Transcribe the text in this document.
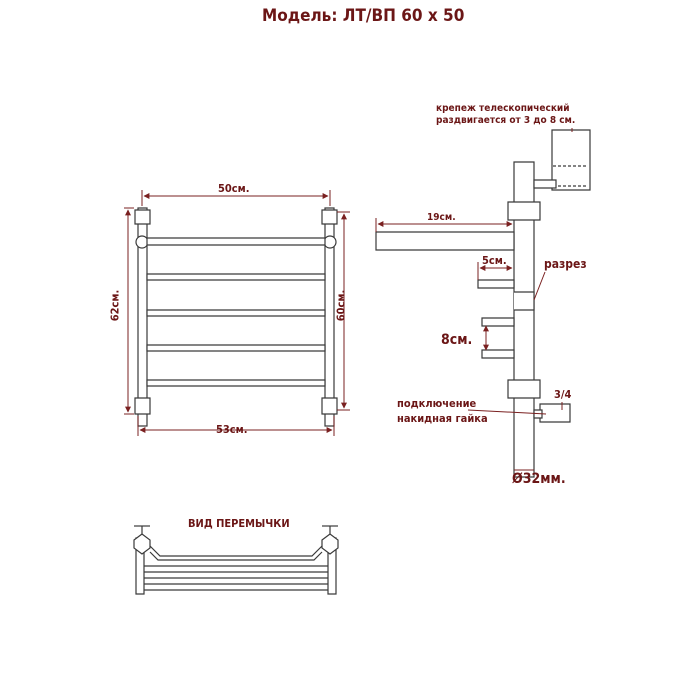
Модель: ЛТ/ВП 60 х 50
50см.
53см.
62см.	60см.
крепеж телескопический
раздвигается от 3 до 8 см.
19см.
5см.	разрез
8см.
подключение
накидная гайка
3/4
Ø32мм.
ВИД ПЕРЕМЫЧКИ
